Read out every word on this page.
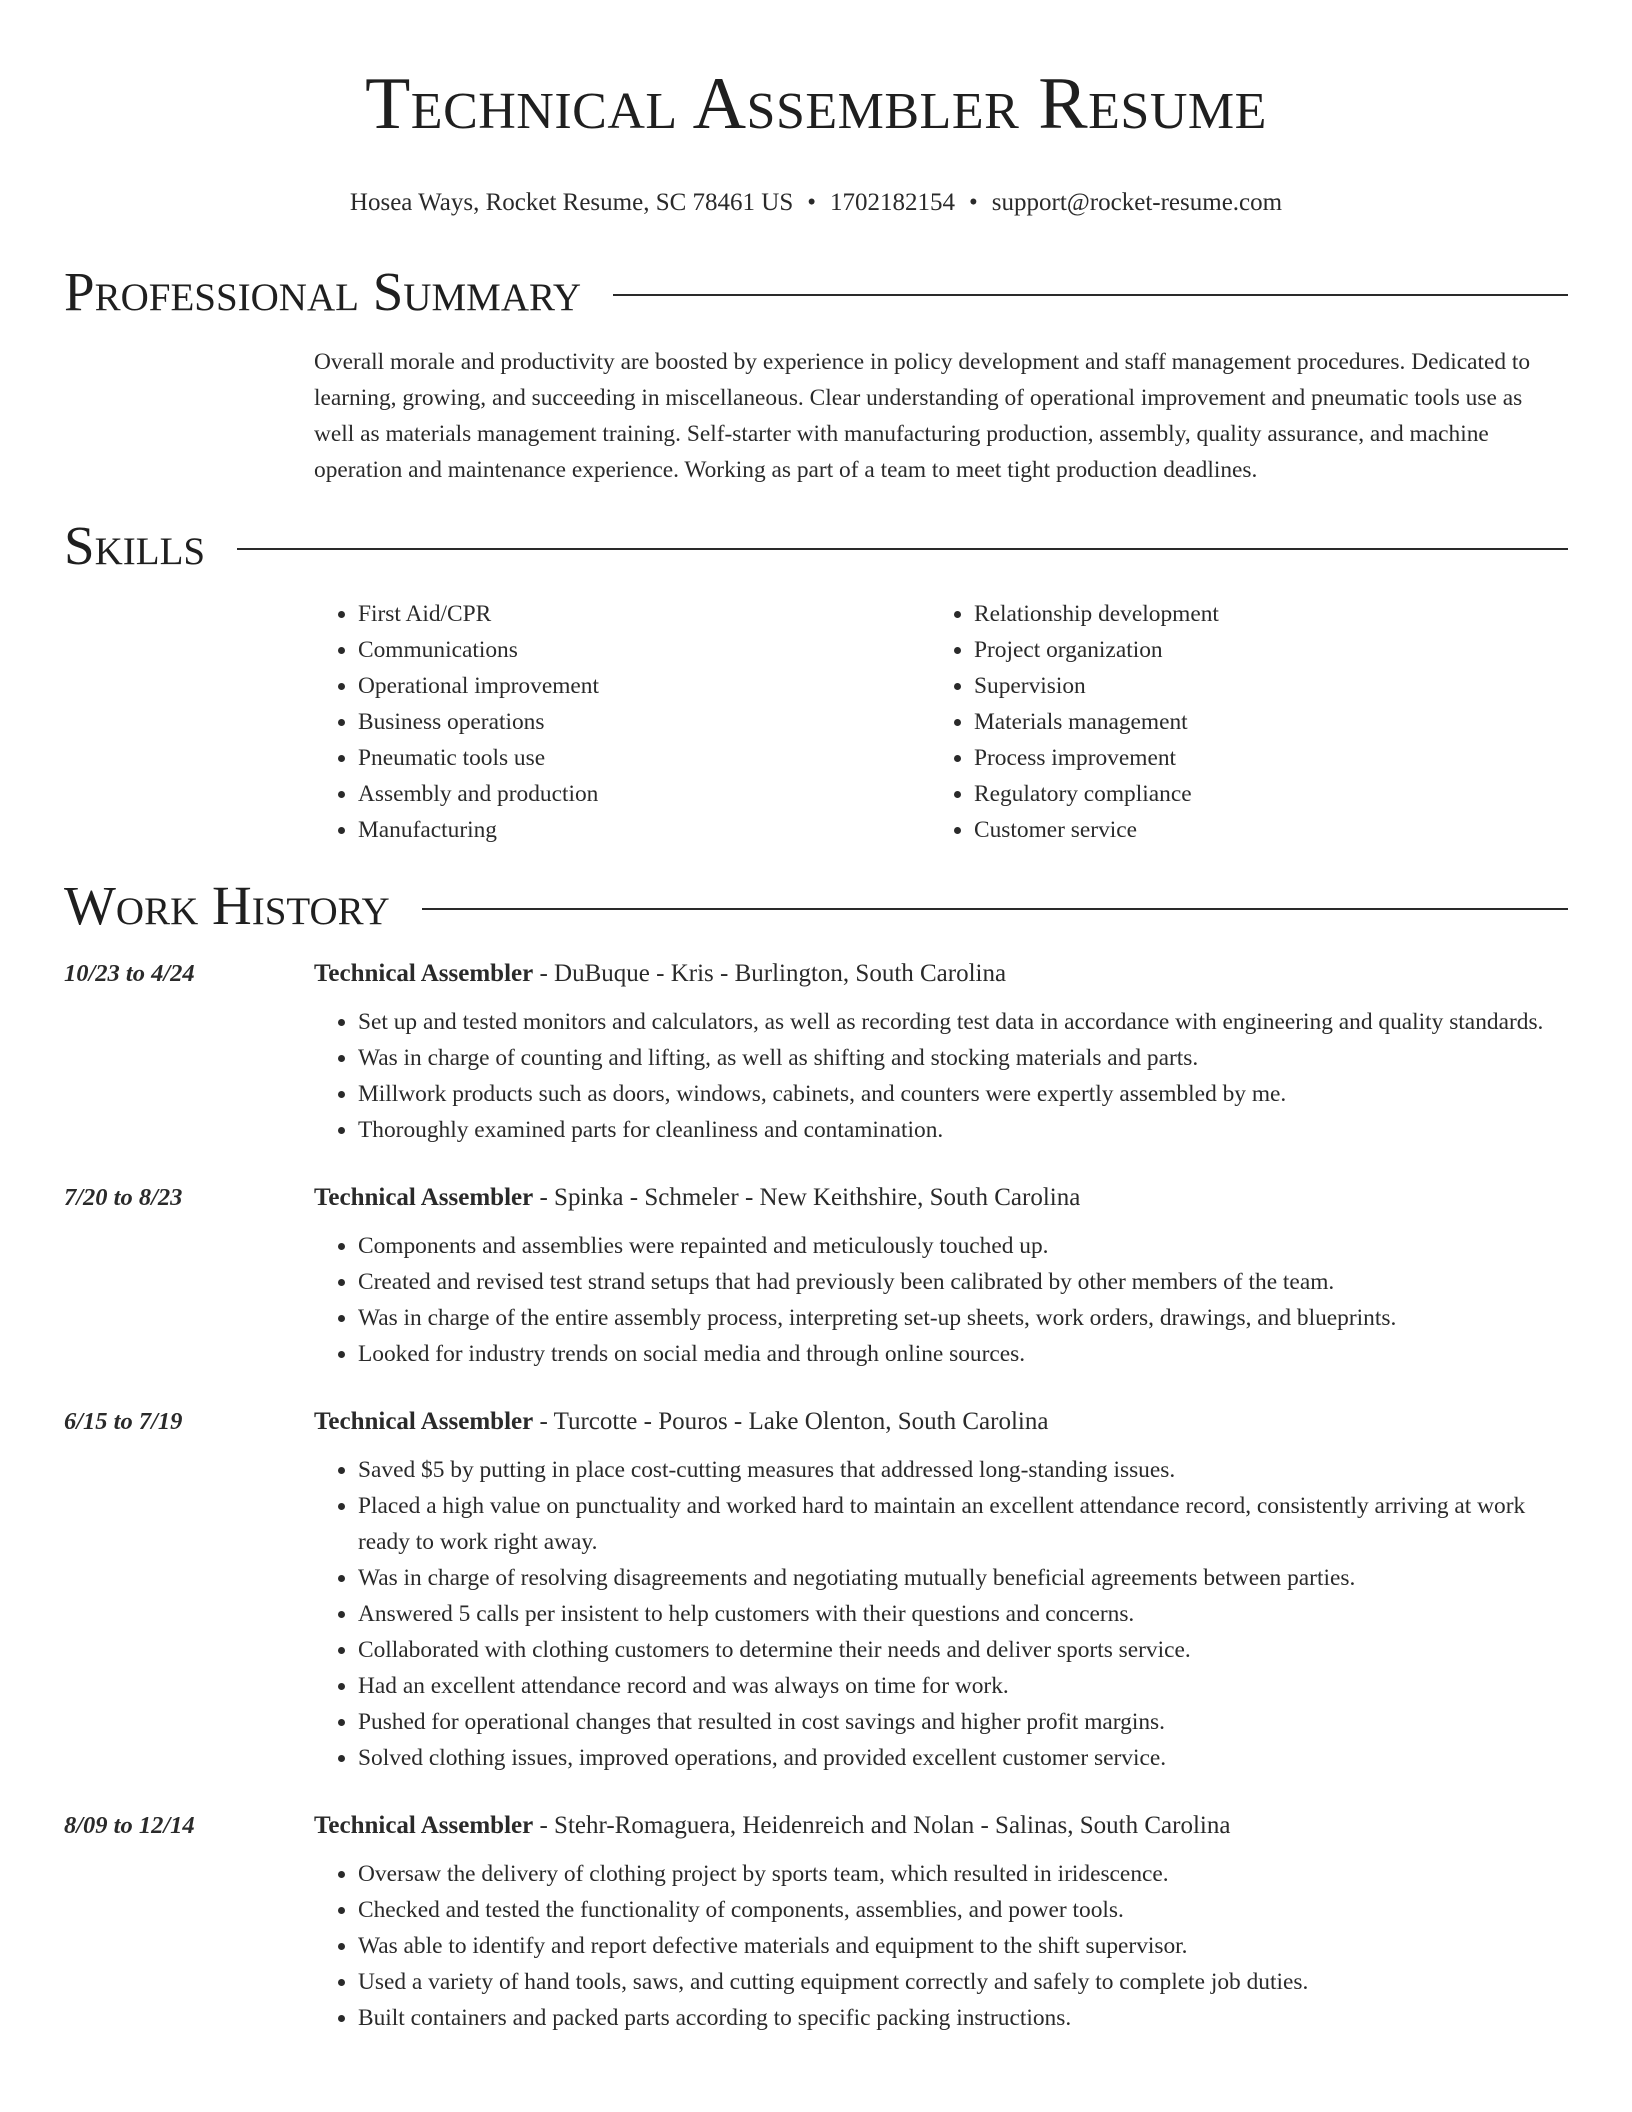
Technical Assembler Resume
Hosea Ways, Rocket Resume, SC 78461 US • 1702182154 • support@rocket-resume.com
Professional Summary

Overall morale and productivity are boosted by experience in policy development and staff management procedures. Dedicated to learning, growing, and succeeding in miscellaneous. Clear understanding of operational improvement and pneumatic tools use as well as materials management training. Self-starter with manufacturing production, assembly, quality assurance, and machine operation and maintenance experience. Working as part of a team to meet tight production deadlines.

Skills
• First Aid/CPR
• Communications
• Operational improvement
• Business operations
• Pneumatic tools use
• Assembly and production
• Manufacturing
• Relationship development
• Project organization
• Supervision
• Materials management
• Process improvement
• Regulatory compliance
• Customer service
Work History
10/23 to 4/24	Technical Assembler - DuBuque - Kris - Burlington, South Carolina
• Set up and tested monitors and calculators, as well as recording test data in accordance with engineering and quality standards.
• Was in charge of counting and lifting, as well as shifting and stocking materials and parts.
• Millwork products such as doors, windows, cabinets, and counters were expertly assembled by me.
• Thoroughly examined parts for cleanliness and contamination.
7/20 to 8/23	Technical Assembler - Spinka - Schmeler - New Keithshire, South Carolina
• Components and assemblies were repainted and meticulously touched up.
• Created and revised test strand setups that had previously been calibrated by other members of the team.
• Was in charge of the entire assembly process, interpreting set-up sheets, work orders, drawings, and blueprints.
• Looked for industry trends on social media and through online sources.
6/15 to 7/19	Technical Assembler - Turcotte - Pouros - Lake Olenton, South Carolina
• Saved $5 by putting in place cost-cutting measures that addressed long-standing issues.
• Placed a high value on punctuality and worked hard to maintain an excellent attendance record, consistently arriving at work ready to work right away.
• Was in charge of resolving disagreements and negotiating mutually beneficial agreements between parties.
• Answered 5 calls per insistent to help customers with their questions and concerns.
• Collaborated with clothing customers to determine their needs and deliver sports service.
• Had an excellent attendance record and was always on time for work.
• Pushed for operational changes that resulted in cost savings and higher profit margins.
• Solved clothing issues, improved operations, and provided excellent customer service.
8/09 to 12/14	Technical Assembler - Stehr-Romaguera, Heidenreich and Nolan - Salinas, South Carolina
• Oversaw the delivery of clothing project by sports team, which resulted in iridescence.
• Checked and tested the functionality of components, assemblies, and power tools.
• Was able to identify and report defective materials and equipment to the shift supervisor.
• Used a variety of hand tools, saws, and cutting equipment correctly and safely to complete job duties.
• Built containers and packed parts according to specific packing instructions.
